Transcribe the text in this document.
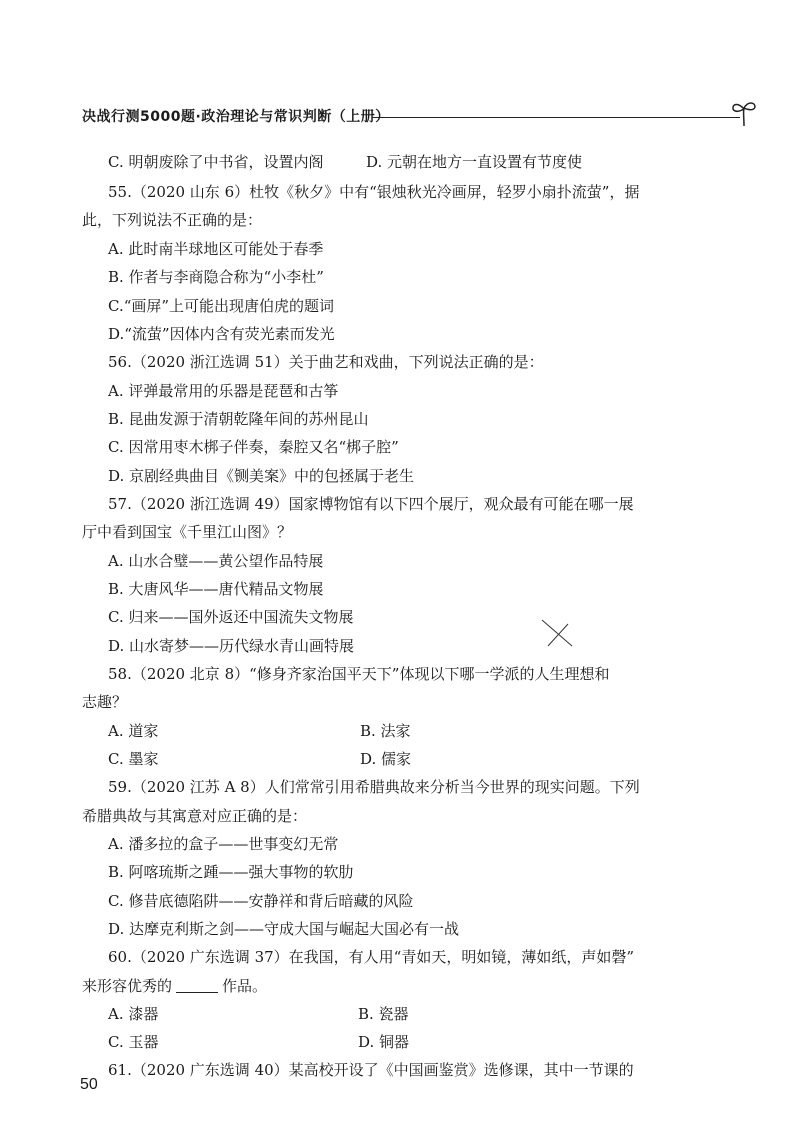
决战行测5000题·政治理论与常识判断（上册）
C. 明朝废除了中书省，设置内阁	D. 元朝在地方一直设置有节度使
55.（2020 山东 6）杜牧《秋夕》中有“银烛秋光冷画屏，轻罗小扇扑流萤”，据
此，下列说法不正确的是：
A. 此时南半球地区可能处于春季
B. 作者与李商隐合称为“小李杜”
C.“画屏”上可能出现唐伯虎的题词
D.“流萤”因体内含有荧光素而发光
56.（2020 浙江选调 51）关于曲艺和戏曲，下列说法正确的是：
A. 评弹最常用的乐器是琵琶和古筝
B. 昆曲发源于清朝乾隆年间的苏州昆山
C. 因常用枣木梆子伴奏，秦腔又名“梆子腔”
D. 京剧经典曲目《铡美案》中的包拯属于老生
57.（2020 浙江选调 49）国家博物馆有以下四个展厅，观众最有可能在哪一展
厅中看到国宝《千里江山图》？
A. 山水合璧——黄公望作品特展
B. 大唐风华——唐代精品文物展
C. 归来——国外返还中国流失文物展
D. 山水寄梦——历代绿水青山画特展
58.（2020 北京 8）“修身齐家治国平天下”体现以下哪一学派的人生理想和
志趣？
A. 道家	B. 法家
C. 墨家	D. 儒家
59.（2020 江苏 A 8）人们常常引用希腊典故来分析当今世界的现实问题。下列
希腊典故与其寓意对应正确的是：
A. 潘多拉的盒子——世事变幻无常
B. 阿喀琉斯之踵——强大事物的软肋
C. 修昔底德陷阱——安静祥和背后暗藏的风险
D. 达摩克利斯之剑——守成大国与崛起大国必有一战
60.（2020 广东选调 37）在我国，有人用“青如天，明如镜，薄如纸，声如磬”
来形容优秀的	作品。
A. 漆器	B. 瓷器
C. 玉器	D. 铜器
61.（2020 广东选调 40）某高校开设了《中国画鉴赏》选修课，其中一节课的
50
